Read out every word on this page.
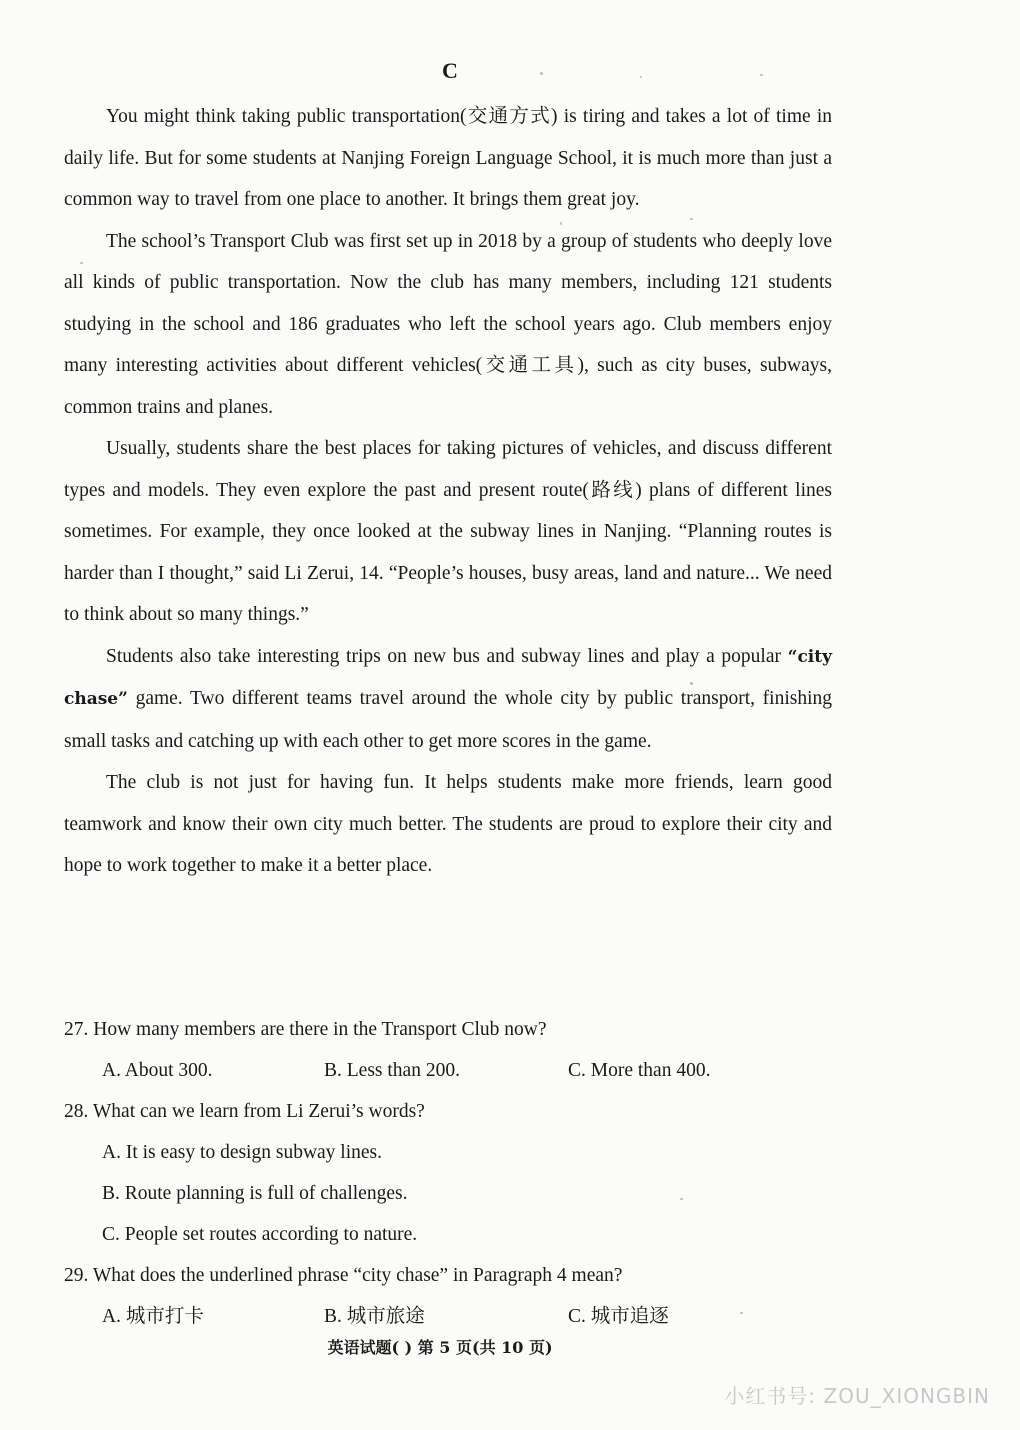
C

You might think taking public transportation(交通方式) is tiring and takes a lot of time in daily life. But for some students at Nanjing Foreign Language School, it is much more than just a common way to travel from one place to another. It brings them great joy.

The school’s Transport Club was first set up in 2018 by a group of students who deeply love all kinds of public transportation. Now the club has many members, including 121 students studying in the school and 186 graduates who left the school years ago. Club members enjoy many interesting activities about different vehicles(交通工具), such as city buses, subways, common trains and planes.

Usually, students share the best places for taking pictures of vehicles, and discuss different types and models. They even explore the past and present route(路线) plans of different lines sometimes. For example, they once looked at the subway lines in Nanjing. “Planning routes is harder than I thought,” said Li Zerui, 14. “People’s houses, busy areas, land and nature... We need to think about so many things.”

Students also take interesting trips on new bus and subway lines and play a popular “city chase” game. Two different teams travel around the whole city by public transport, finishing small tasks and catching up with each other to get more scores in the game.

The club is not just for having fun. It helps students make more friends, learn good teamwork and know their own city much better. The students are proud to explore their city and hope to work together to make it a better place.

27. How many members are there in the Transport Club now?

A. About 300.	B. Less than 200.	C. More than 400.

28. What can we learn from Li Zerui’s words?

A. It is easy to design subway lines.
B. Route planning is full of challenges.
C. People set routes according to nature.

29. What does the underlined phrase “city chase” in Paragraph 4 mean?

A. 城市打卡	B. 城市旅途	C. 城市追逐
英语试题( ) 第 5 页(共 10 页)
小红书号: ZOU_XIONGBIN
